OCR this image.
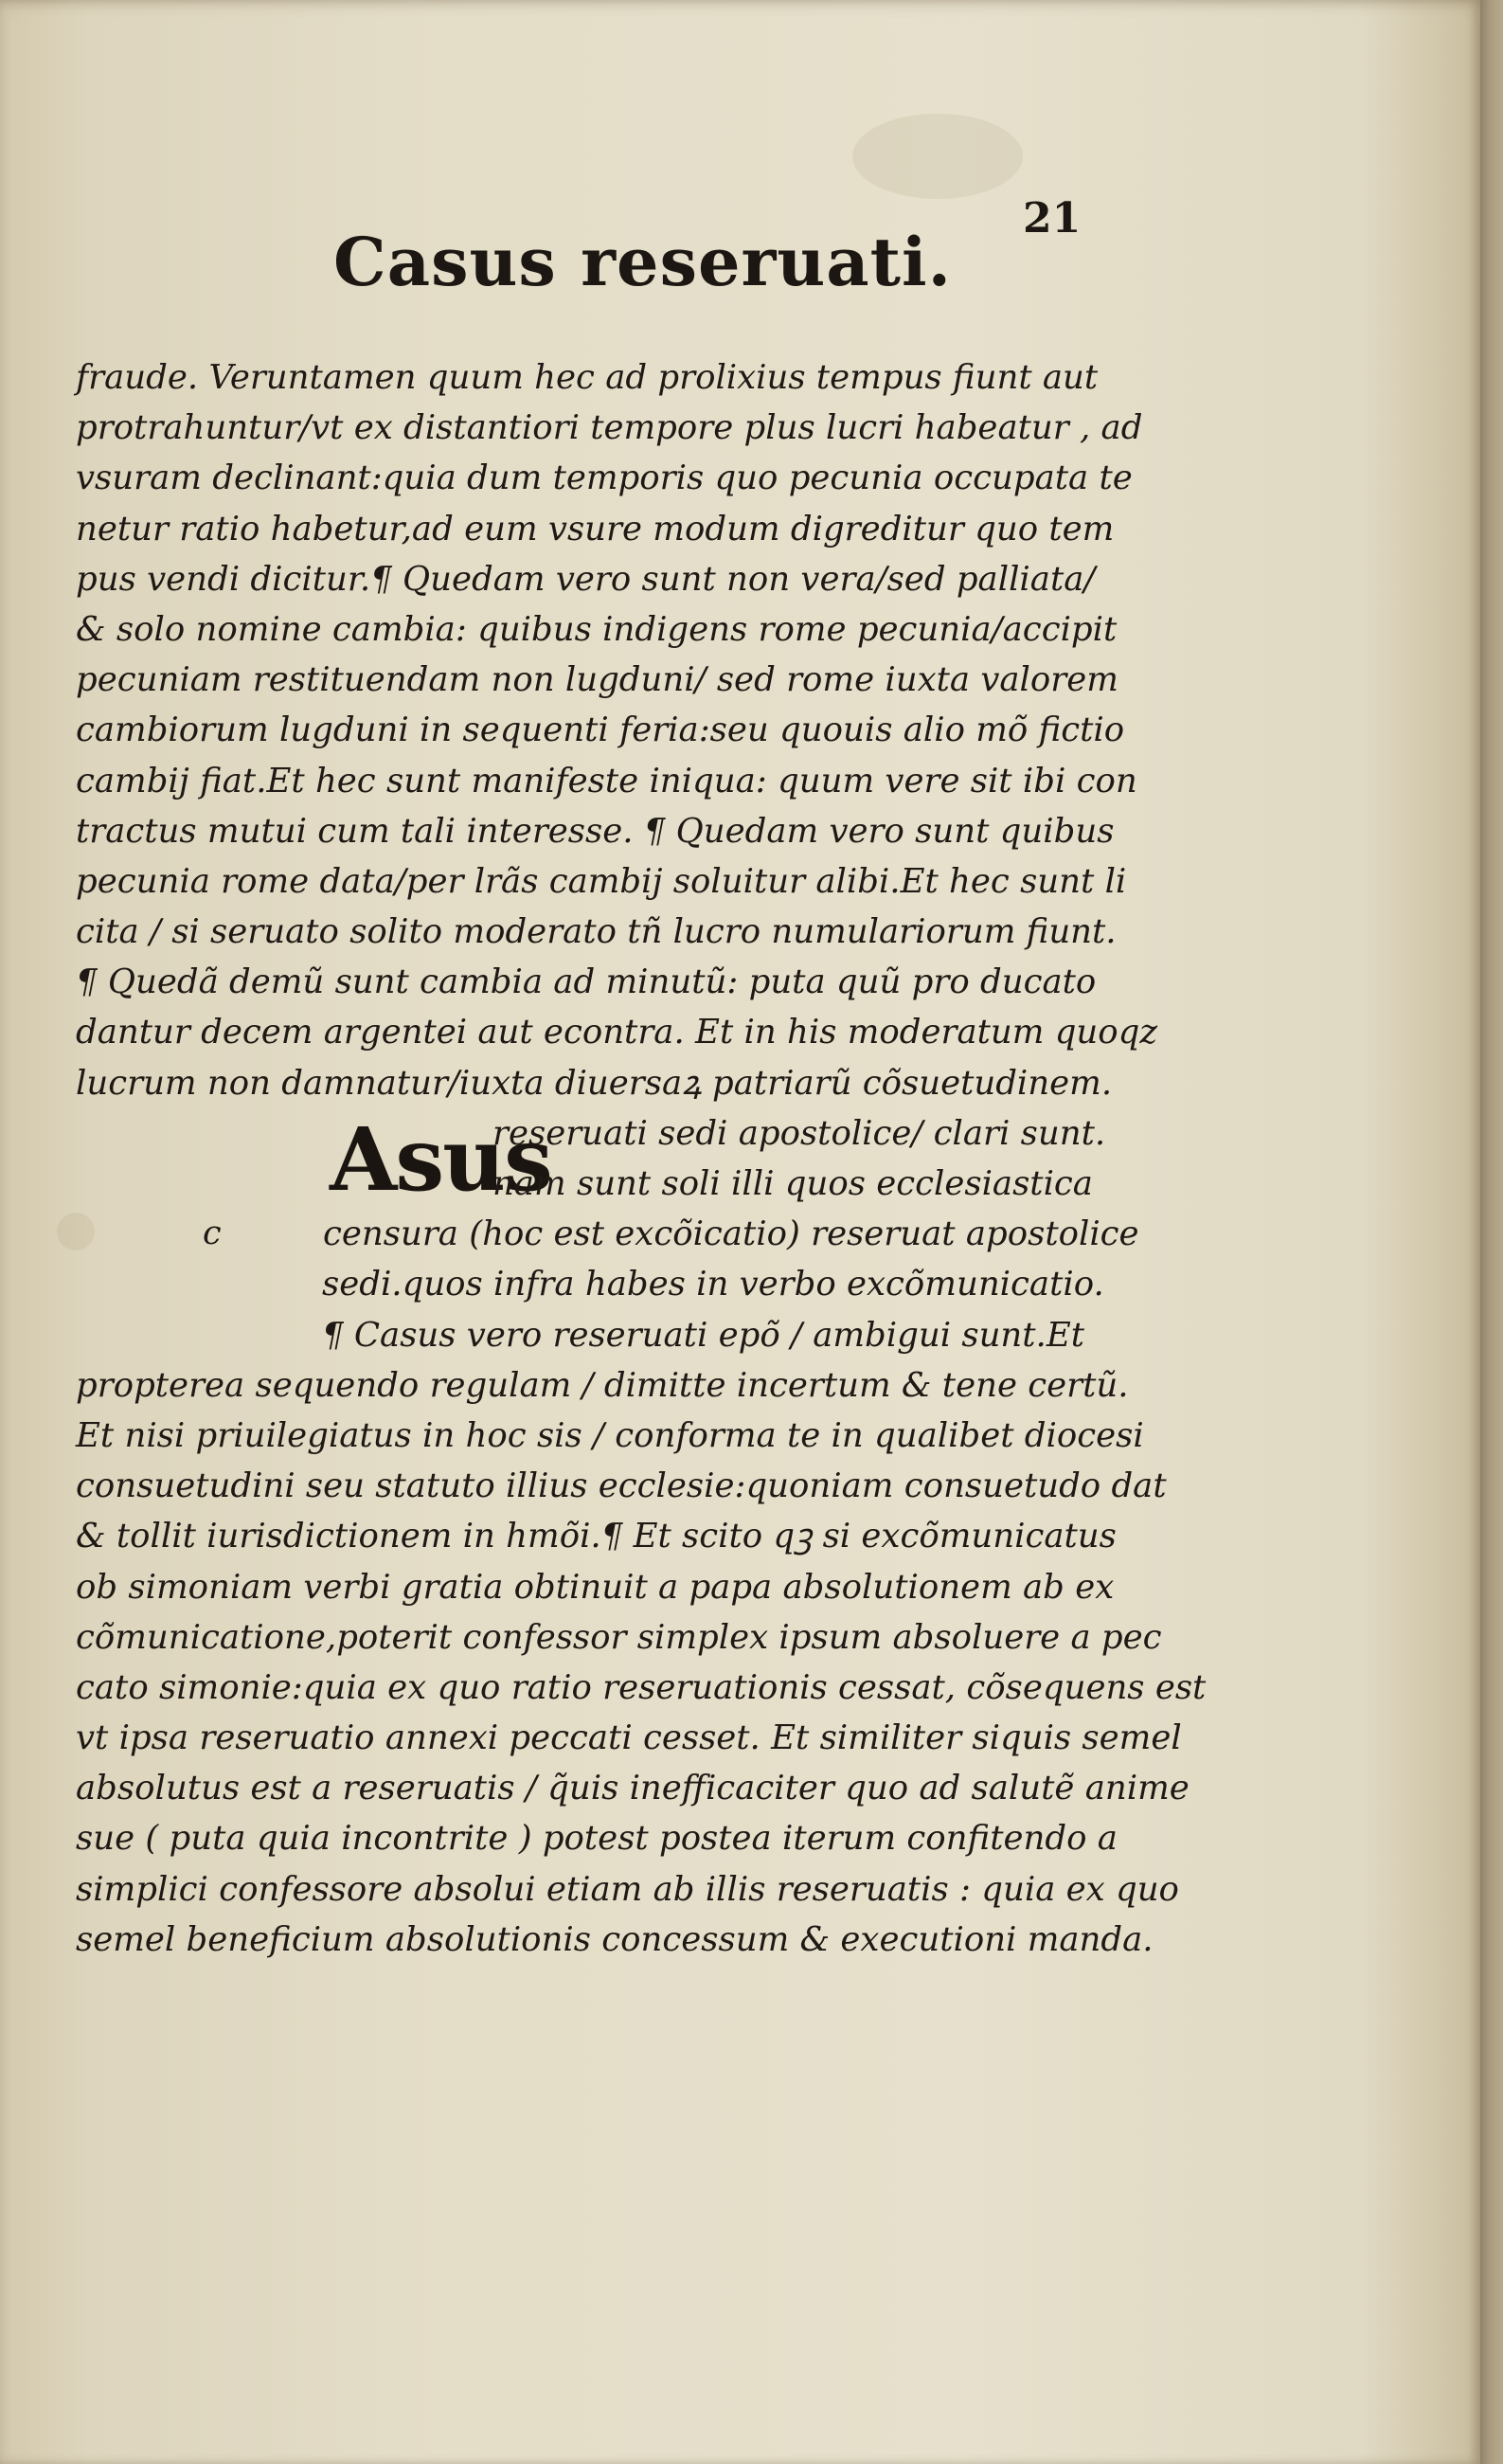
Casus reseruati.
21
fraude. Veruntamen quum hec ad prolixius tempus fiunt aut
protrahuntur/vt ex distantiori tempore plus lucri habeatur , ad
vsuram declinant:quia dum temporis quo pecunia occupata te
netur ratio habetur,ad eum vsure modum digreditur quo tem
pus vendi dicitur.¶ Quedam vero sunt non vera/sed palliata/
& solo nomine cambia: quibus indigens rome pecunia/accipit
pecuniam restituendam non lugduni/ sed rome iuxta valorem
cambiorum lugduni in sequenti feria:seu quouis alio mõ fictio
cambij fiat.Et hec sunt manifeste iniqua: quum vere sit ibi con
tractus mutui cum tali interesse. ¶ Quedam vero sunt quibus
pecunia rome data/per lrãs cambij soluitur alibi.Et hec sunt li
cita / si seruato solito moderato tñ lucro numulariorum fiunt.
¶ Quedã demũ sunt cambia ad minutũ: puta quũ pro ducato
dantur decem argentei aut econtra. Et in his moderatum quoqz
lucrum non damnatur/iuxta diuersaꝝ patriarũ cõsuetudinem.
Asus
c
reseruati sedi apostolice/ clari sunt.
nam sunt soli illi quos ecclesiastica
censura (hoc est excõicatio) reseruat apostolice
sedi.quos infra habes in verbo excõmunicatio.
¶ Casus vero reseruati epõ / ambigui sunt.Et
propterea sequendo regulam / dimitte incertum & tene certũ.
Et nisi priuilegiatus in hoc sis / conforma te in qualibet diocesi
consuetudini seu statuto illius ecclesie:quoniam consuetudo dat
& tollit iurisdictionem in hmõi.¶ Et scito qꝫ si excõmunicatus
ob simoniam verbi gratia obtinuit a papa absolutionem ab ex
cõmunicatione,poterit confessor simplex ipsum absoluere a pec
cato simonie:quia ex quo ratio reseruationis cessat, cõsequens est
vt ipsa reseruatio annexi peccati cesset. Et similiter siquis semel
absolutus est a reseruatis / q̃uis inefficaciter quo ad salutẽ anime
sue ( puta quia incontrite ) potest postea iterum confitendo a
simplici confessore absolui etiam ab illis reseruatis : quia ex quo
semel beneficium absolutionis concessum & executioni manda.
